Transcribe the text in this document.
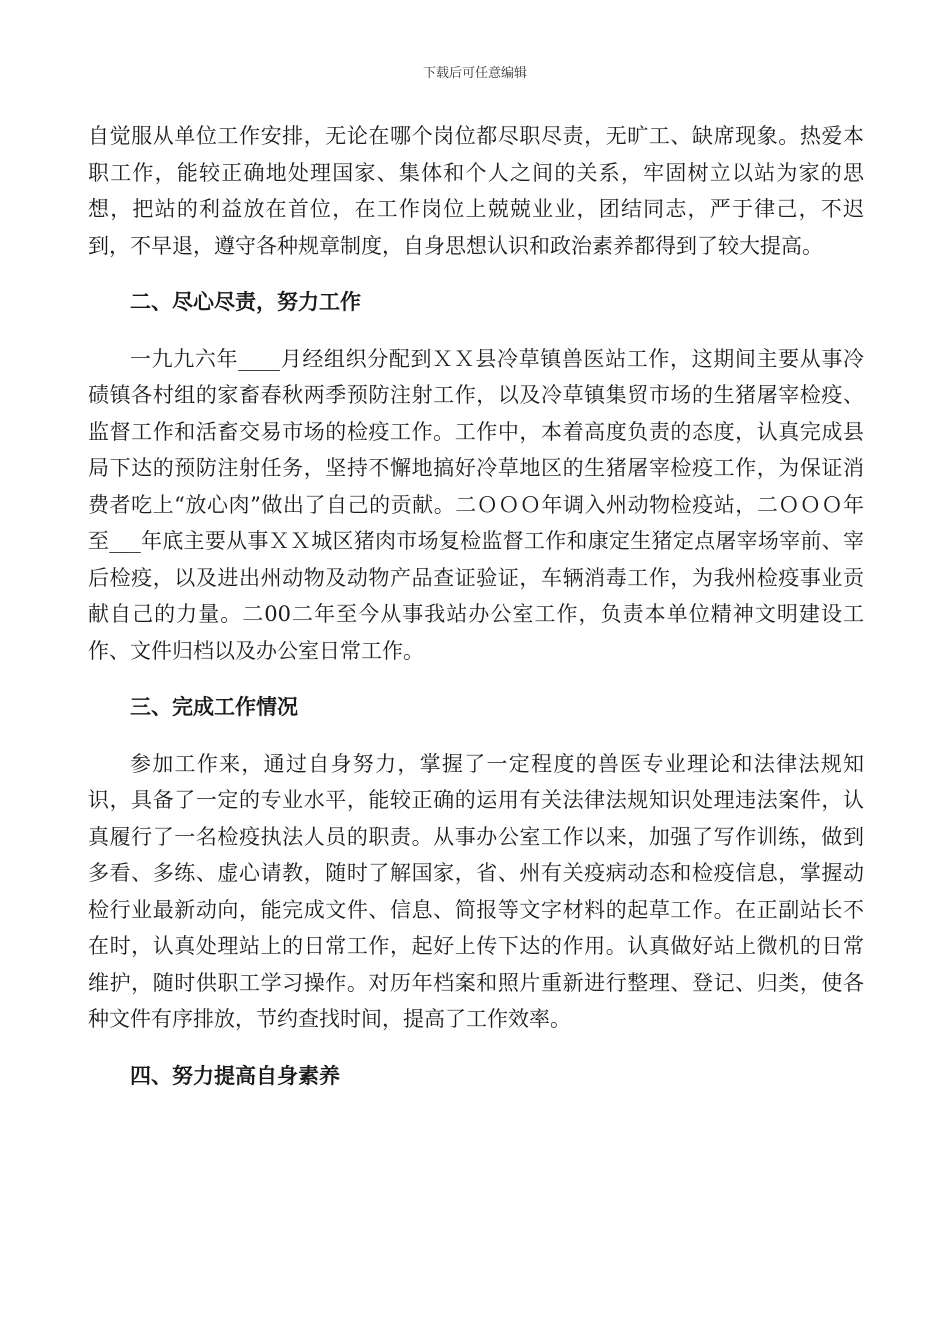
下载后可任意编辑

自觉服从单位工作安排，无论在哪个岗位都尽职尽责，无旷工、缺席现象。热爱本职工作，能较正确地处理国家、集体和个人之间的关系，牢固树立以站为家的思想，把站的利益放在首位，在工作岗位上兢兢业业，团结同志，严于律己，不迟到，不早退，遵守各种规章制度，自身思想认识和政治素养都得到了较大提高。

二、尽心尽责，努力工作

一九九六年____月经组织分配到ＸＸ县冷草镇兽医站工作，这期间主要从事冷碛镇各村组的家畜春秋两季预防注射工作，以及冷草镇集贸市场的生猪屠宰检疫、监督工作和活畜交易市场的检疫工作。工作中，本着高度负责的态度，认真完成县局下达的预防注射任务，坚持不懈地搞好冷草地区的生猪屠宰检疫工作，为保证消费者吃上“放心肉”做出了自己的贡献。二ＯＯＯ年调入州动物检疫站，二ＯＯＯ年至___年底主要从事ＸＸ城区猪肉市场复检监督工作和康定生猪定点屠宰场宰前、宰后检疫，以及进出州动物及动物产品查证验证，车辆消毒工作，为我州检疫事业贡献自己的力量。二00二年至今从事我站办公室工作，负责本单位精神文明建设工作、文件归档以及办公室日常工作。

三、完成工作情况

参加工作来，通过自身努力，掌握了一定程度的兽医专业理论和法律法规知识，具备了一定的专业水平，能较正确的运用有关法律法规知识处理违法案件，认真履行了一名检疫执法人员的职责。从事办公室工作以来，加强了写作训练，做到多看、多练、虚心请教，随时了解国家，省、州有关疫病动态和检疫信息，掌握动检行业最新动向，能完成文件、信息、简报等文字材料的起草工作。在正副站长不在时，认真处理站上的日常工作，起好上传下达的作用。认真做好站上微机的日常维护，随时供职工学习操作。对历年档案和照片重新进行整理、登记、归类，使各种文件有序排放，节约查找时间，提高了工作效率。

四、努力提高自身素养
